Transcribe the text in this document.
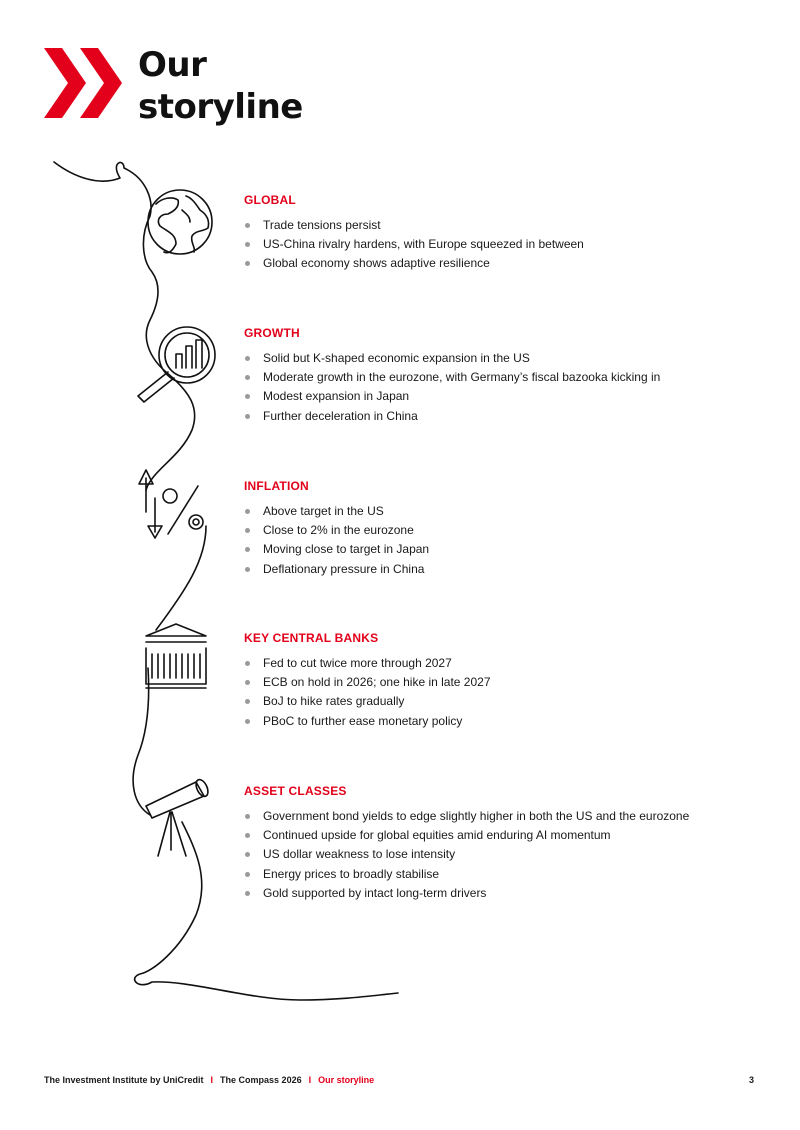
Our
storyline
GLOBAL
Trade tensions persist
US-China rivalry hardens, with Europe squeezed in between
Global economy shows adaptive resilience
GROWTH
Solid but K-shaped economic expansion in the US
Moderate growth in the eurozone, with Germany’s fiscal bazooka kicking in
Modest expansion in Japan
Further deceleration in China
INFLATION
Above target in the US
Close to 2% in the eurozone
Moving close to target in Japan
Deflationary pressure in China
KEY CENTRAL BANKS
Fed to cut twice more through 2027
ECB on hold in 2026; one hike in late 2027
BoJ to hike rates gradually
PBoC to further ease monetary policy
ASSET CLASSES
Government bond yields to edge slightly higher in both the US and the eurozone
Continued upside for global equities amid enduring AI momentum
US dollar weakness to lose intensity
Energy prices to broadly stabilise
Gold supported by intact long-term drivers
The Investment Institute by UniCredit I The Compass 2026 I Our storyline	3
